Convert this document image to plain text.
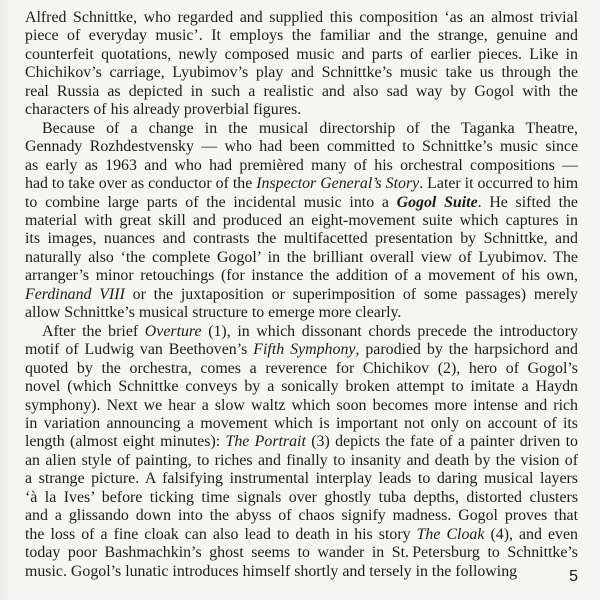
Alfred Schnittke, who regarded and supplied this composition ‘as an almost trivial
piece of everyday music’. It employs the familiar and the strange, genuine and
counterfeit quotations, newly composed music and parts of earlier pieces. Like in
Chichikov’s carriage, Lyubimov’s play and Schnittke’s music take us through the
real Russia as depicted in such a realistic and also sad way by Gogol with the
characters of his already proverbial figures.
Because of a change in the musical directorship of the Taganka Theatre,
Gennady Rozhdestvensky — who had been committed to Schnittke’s music since
as early as 1963 and who had premièred many of his orchestral compositions —
had to take over as conductor of the Inspector General’s Story. Later it occurred to him
to combine large parts of the incidental music into a Gogol Suite. He sifted the
material with great skill and produced an eight-movement suite which captures in
its images, nuances and contrasts the multifacetted presentation by Schnittke, and
naturally also ‘the complete Gogol’ in the brilliant overall view of Lyubimov. The
arranger’s minor retouchings (for instance the addition of a movement of his own,
Ferdinand VIII or the juxtaposition or superimposition of some passages) merely
allow Schnittke’s musical structure to emerge more clearly.
After the brief Overture (1), in which dissonant chords precede the introductory
motif of Ludwig van Beethoven’s Fifth Symphony, parodied by the harpsichord and
quoted by the orchestra, comes a reverence for Chichikov (2), hero of Gogol’s
novel (which Schnittke conveys by a sonically broken attempt to imitate a Haydn
symphony). Next we hear a slow waltz which soon becomes more intense and rich
in variation announcing a movement which is important not only on account of its
length (almost eight minutes): The Portrait (3) depicts the fate of a painter driven to
an alien style of painting, to riches and finally to insanity and death by the vision of
a strange picture. A falsifying instrumental interplay leads to daring musical layers
‘à la Ives’ before ticking time signals over ghostly tuba depths, distorted clusters
and a glissando down into the abyss of chaos signify madness. Gogol proves that
the loss of a fine cloak can also lead to death in his story The Cloak (4), and even
today poor Bashmachkin’s ghost seems to wander in St. Petersburg to Schnittke’s
music. Gogol’s lunatic introduces himself shortly and tersely in the following	5
